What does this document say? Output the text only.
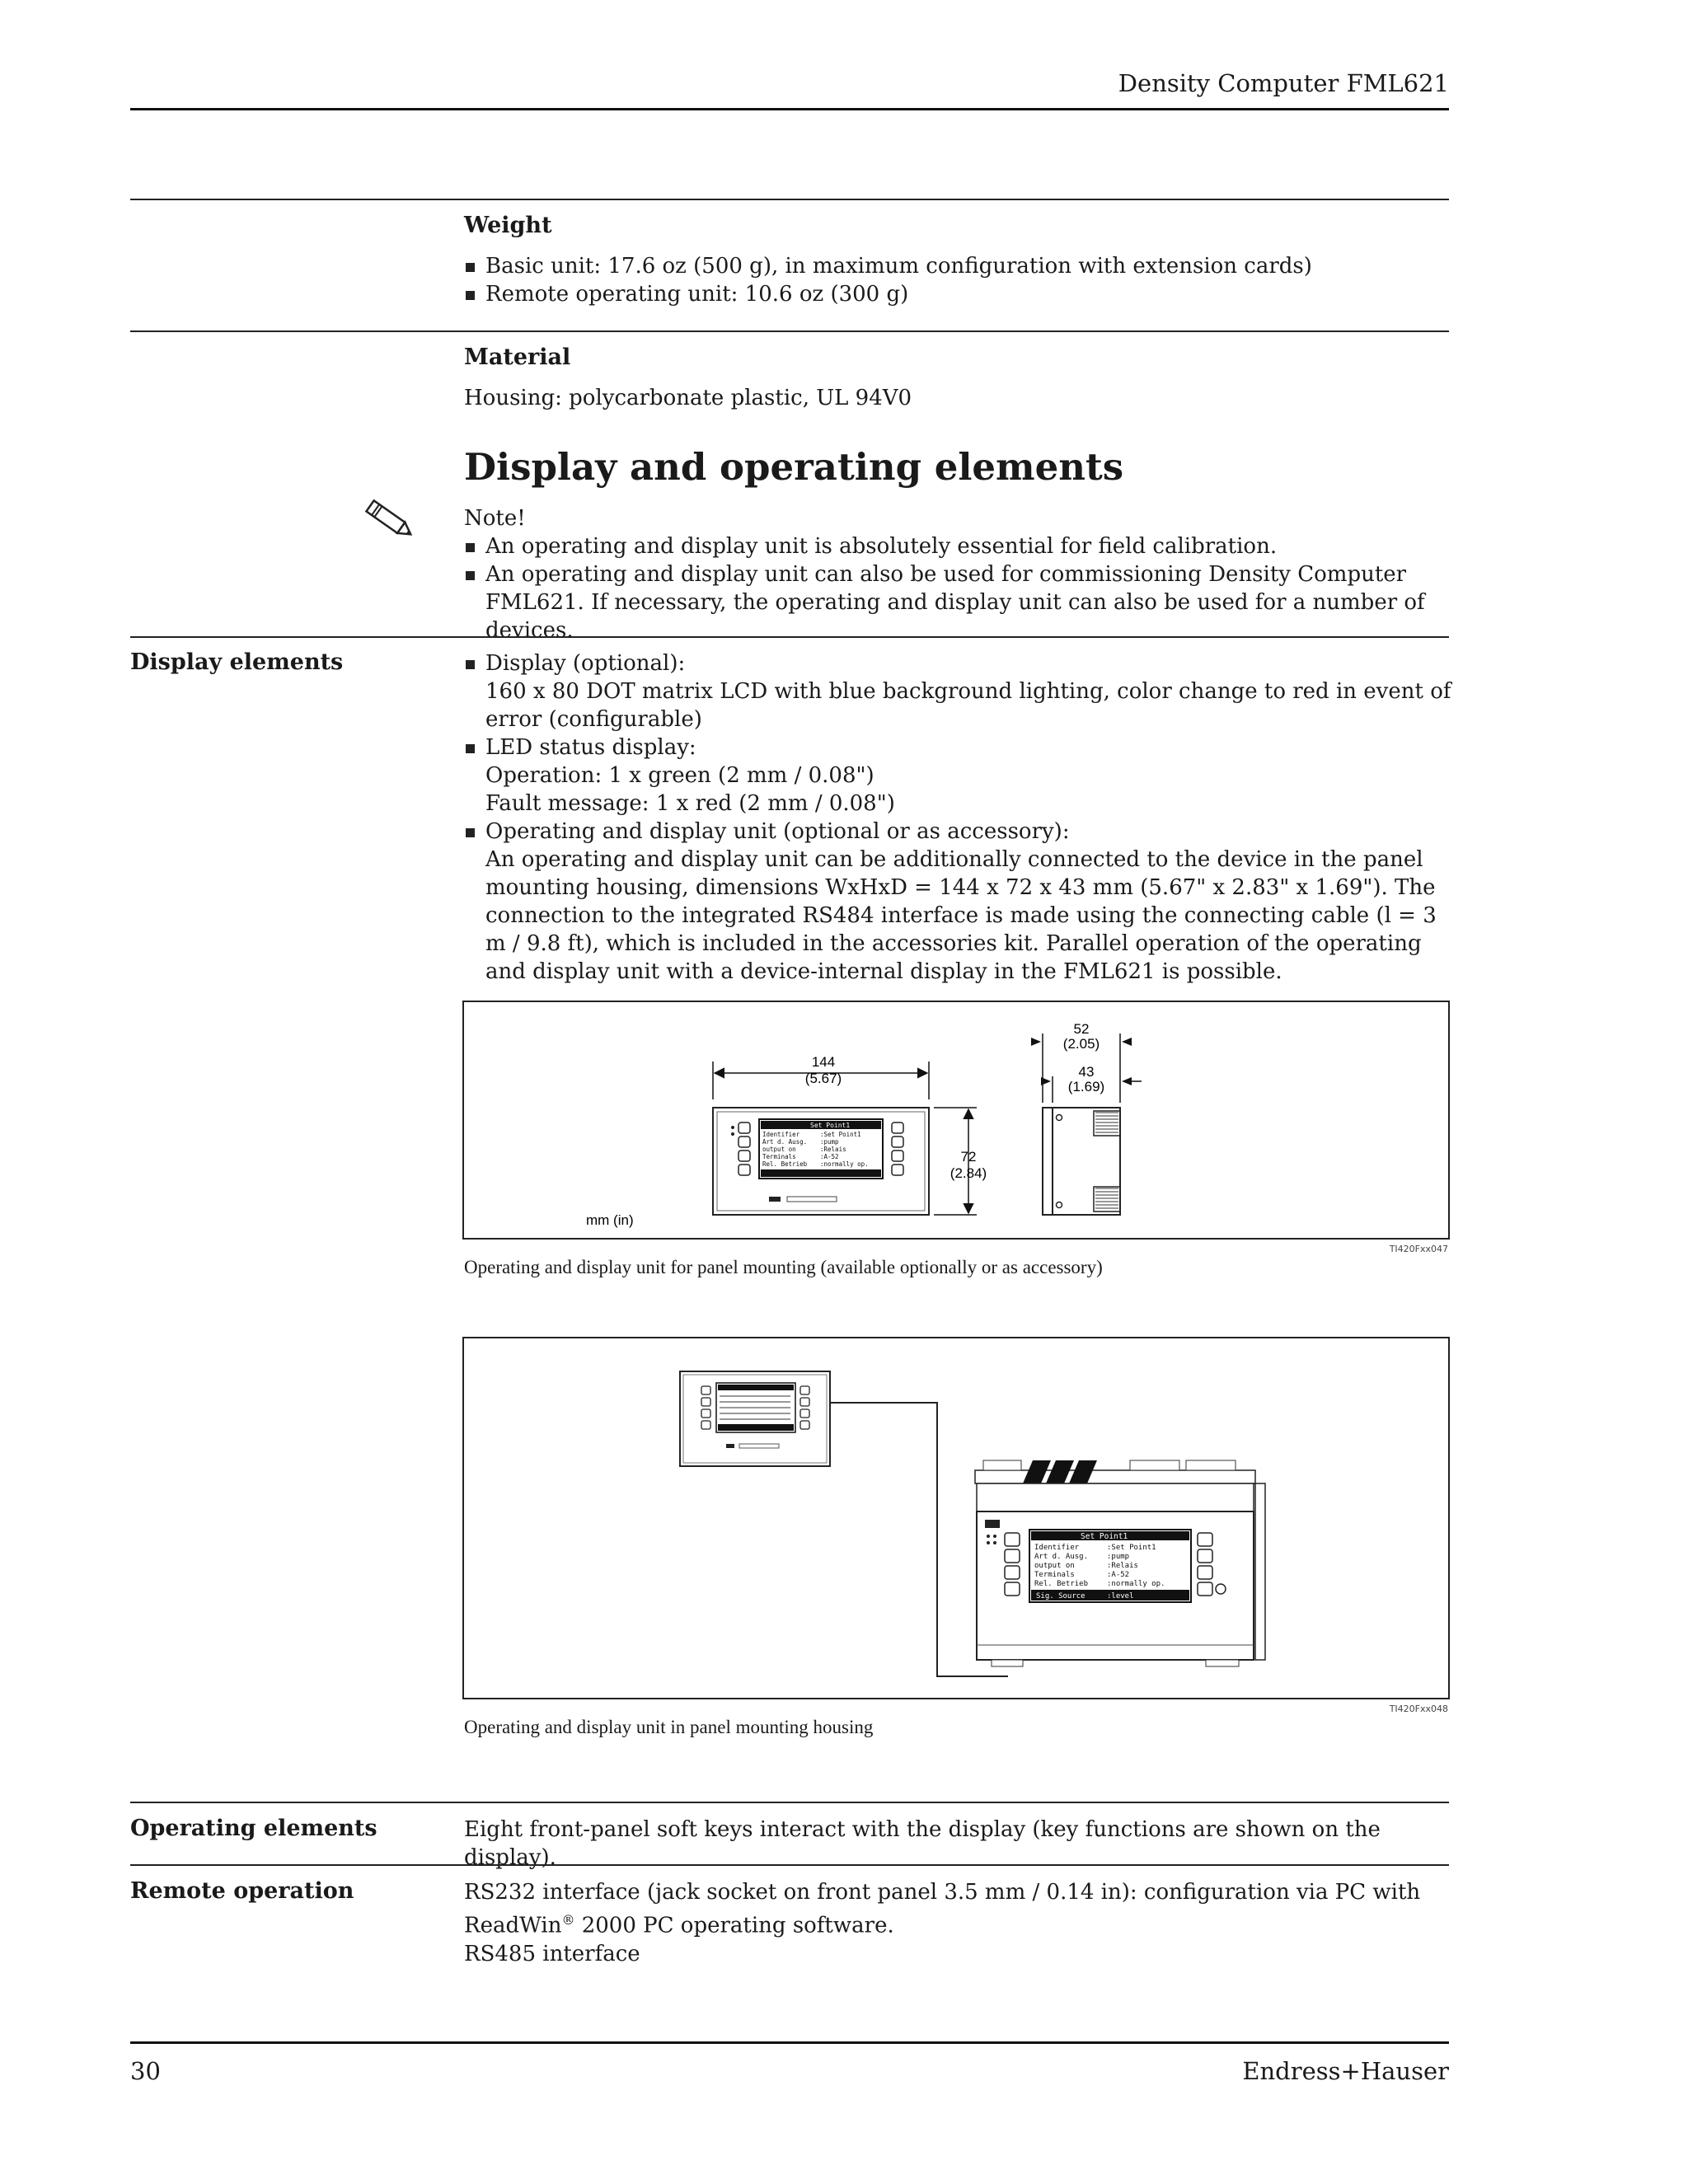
Density Computer FML621
Weight
Basic unit: 17.6 oz (500 g), in maximum configuration with extension cards)
Remote operating unit: 10.6 oz (300 g)
Material
Housing: polycarbonate plastic, UL 94V0
Display and operating elements
Note!
An operating and display unit is absolutely essential for field calibration.
An operating and display unit can also be used for commissioning Density Computer FML621. If necessary, the operating and display unit can also be used for a number of devices.
Display elements	Display (optional):
160 x 80 DOT matrix LCD with blue background lighting, color change to red in event of error (configurable)
LED status display:
Operation: 1 x green (2 mm / 0.08")
Fault message: 1 x red (2 mm / 0.08")
Operating and display unit (optional or as accessory):
An operating and display unit can be additionally connected to the device in the panel mounting housing, dimensions WxHxD = 144 x 72 x 43 mm (5.67" x 2.83" x 1.69"). The connection to the integrated RS484 interface is made using the connecting cable (l = 3 m / 9.8 ft), which is included in the accessories kit. Parallel operation of the operating and display unit with a device-internal display in the FML621 is possible.
Set Point1
Identifier	:Set Point1
Art d. Ausg. :pump
output on	:Relais
Terminals	:A-52
Rel. Betrieb :normally op.
144
(5.67)
72
(2.84)
52
(2.05)
43
(1.69)
mm (in)
TI420Fxx047
Operating and display unit for panel mounting (available optionally or as accessory)
Identifier	:Set Point1
Art d. Ausg.	:pump
output on	:Relais
Terminals	:A-52
Rel. Betrieb	:normally op.
Set Point1
Sig. Source	:level
TI420Fxx048
Operating and display unit in panel mounting housing
Operating elements	Eight front-panel soft keys interact with the display (key functions are shown on the display).
Remote operation	RS232 interface (jack socket on front panel 3.5 mm / 0.14 in): configuration via PC with ReadWin® 2000 PC operating software.
RS485 interface
30	Endress+Hauser
